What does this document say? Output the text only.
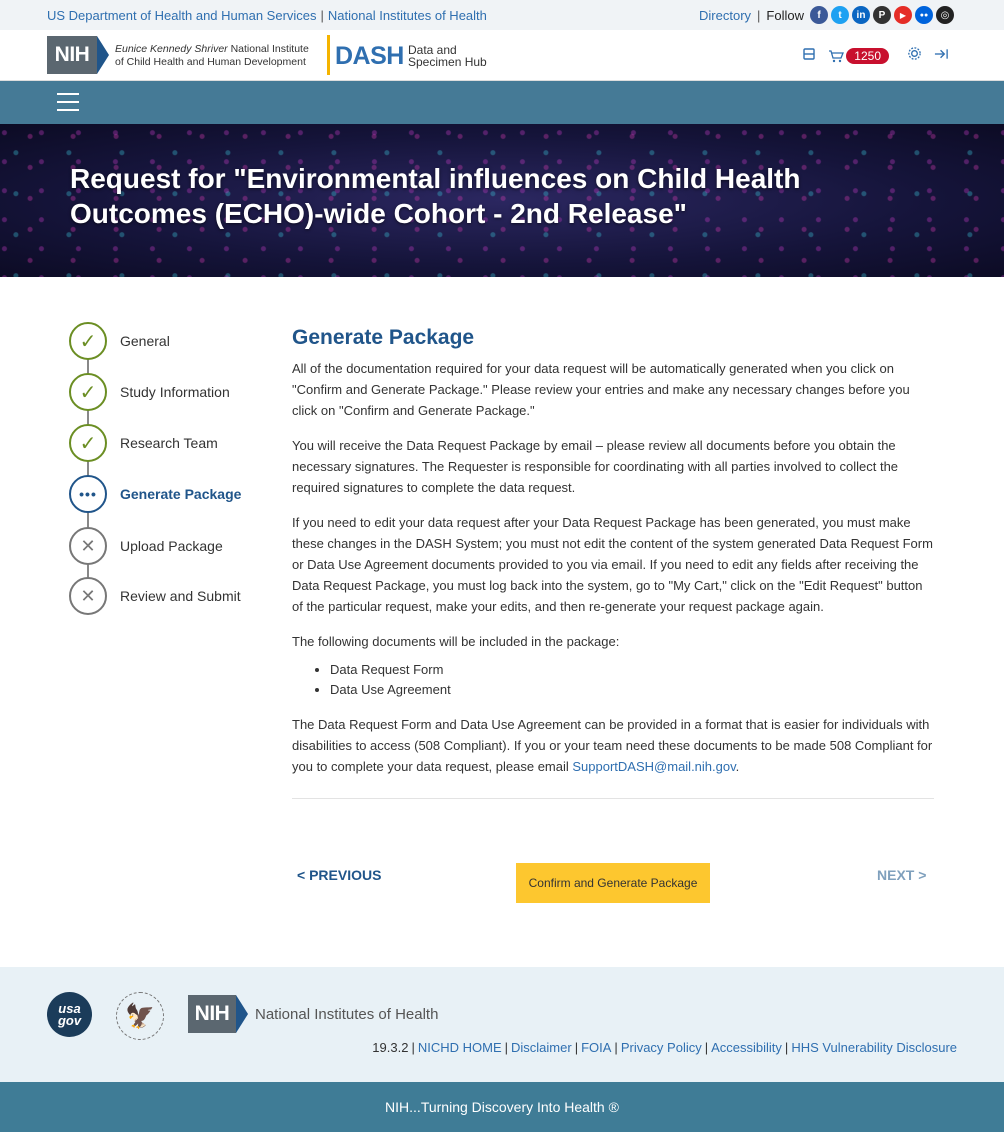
US Department of Health and Human Services | National Institutes of Health	Directory | Follow	f	t	in	P	▶	●●	◎
NIH	Eunice Kennedy Shriver National Institute
of Child Health and Human Development DASH Data and
Specimen Hub	1250
Request for "Environmental influences on Child Health Outcomes (ECHO)-wide Cohort - 2nd Release"
✓	General
✓	Study Information
✓	Research Team
•••	Generate Package
✕	Upload Package
✕	Review and Submit
Generate Package

All of the documentation required for your data request will be automatically generated when you click on "Confirm and Generate Package." Please review your entries and make any necessary changes before you click on "Confirm and Generate Package."

You will receive the Data Request Package by email – please review all documents before you obtain the necessary signatures. The Requester is responsible for coordinating with all parties involved to collect the required signatures to complete the data request.

If you need to edit your data request after your Data Request Package has been generated, you must make these changes in the DASH System; you must not edit the content of the system generated Data Request Form or Data Use Agreement documents provided to you via email. If you need to edit any fields after receiving the Data Request Package, you must log back into the system, go to "My Cart," click on the "Edit Request" button of the particular request, make your edits, and then re-generate your request package again.

The following documents will be included in the package:

• Data Request Form
• Data Use Agreement

The Data Request Form and Data Use Agreement can be provided in a format that is easier for individuals with disabilities to access (508 Compliant). If you or your team need these documents to be made 508 Compliant for you to complete your data request, please email SupportDASH@mail.nih.gov.

< PREVIOUS	Confirm and Generate Package	NEXT >
usa
gov	🦅	NIH	National Institutes of Health
19.3.2 | NICHD HOME | Disclaimer | FOIA | Privacy Policy | Accessibility | HHS Vulnerability Disclosure
NIH...Turning Discovery Into Health ®
